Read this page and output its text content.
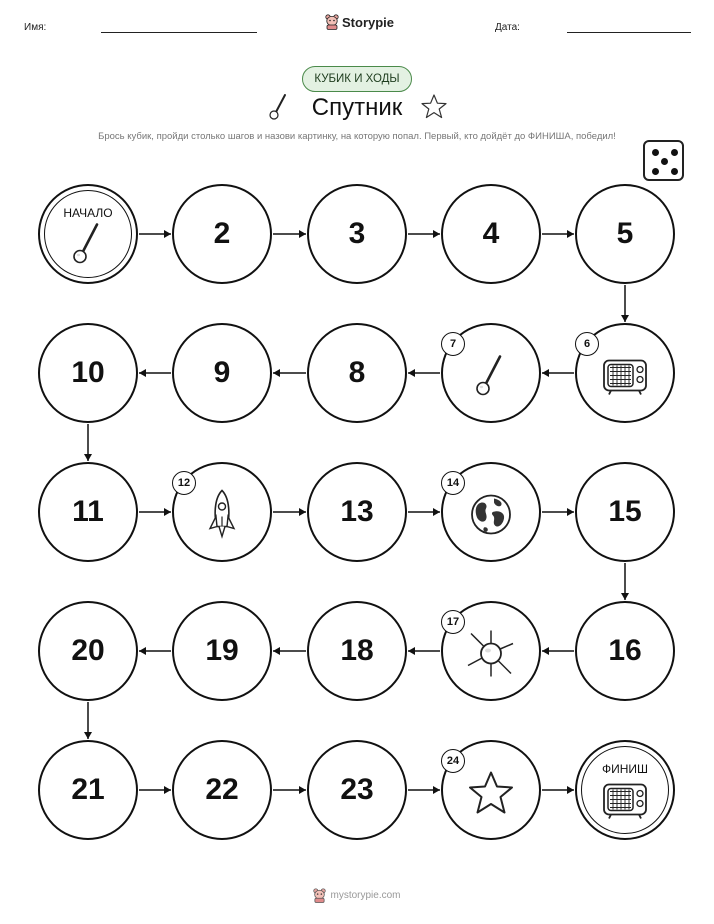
Имя:	Storypie	Дата:
КУБИК И ХОДЫ
Спутник
Брось кубик, пройди столько шагов и назови картинку, на которую попал. Первый, кто дойдёт до ФИНИША, победил!
НАЧАЛО
2	3	4	5
6
7
8
9
10
11
12
13
14
15
16
17
18
19
20
21	22	23
24
ФИНИШ
mystorypie.com
